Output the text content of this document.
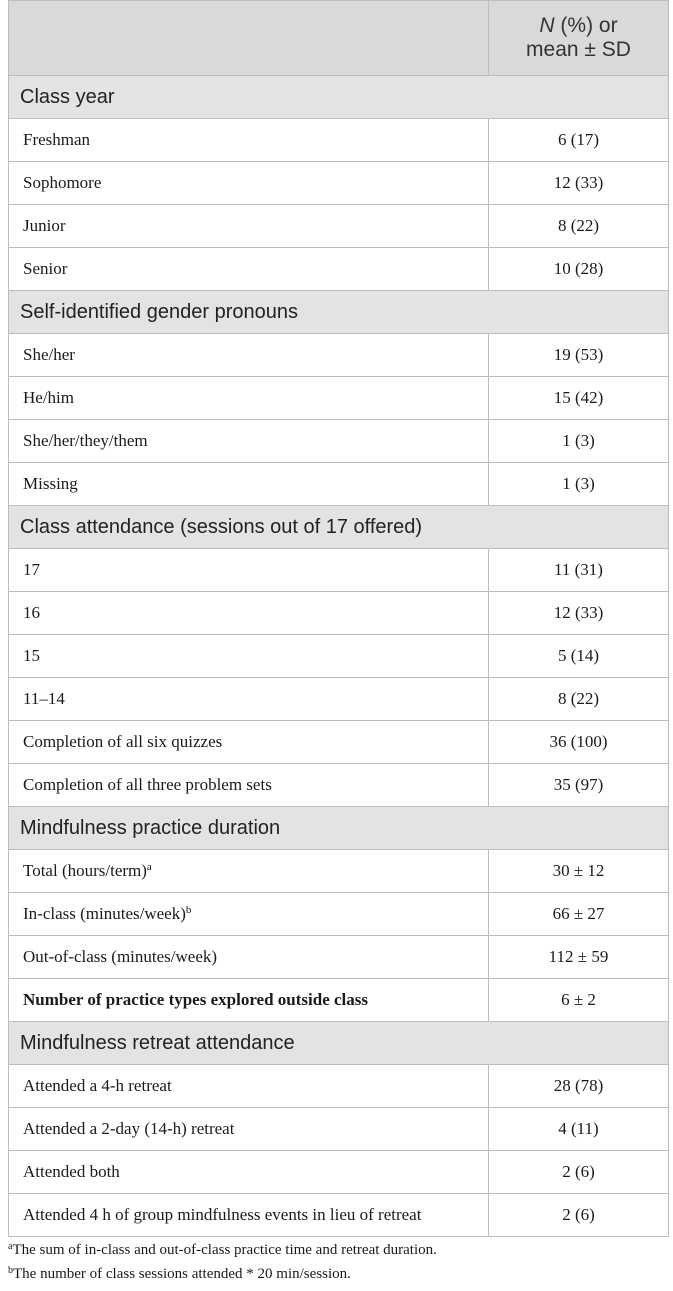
	N (%) or
mean ± SD
Class year	
Freshman	6 (17)
Sophomore	12 (33)
Junior	8 (22)
Senior	10 (28)
Self-identified gender pronouns	
She/her	19 (53)
He/him	15 (42)
She/her/they/them	1 (3)
Missing	1 (3)
Class attendance (sessions out of 17 offered)	
17	11 (31)
16	12 (33)
15	5 (14)
11–14	8 (22)
Completion of all six quizzes	36 (100)
Completion of all three problem sets	35 (97)
Mindfulness practice duration	
Total (hours/term)$^a$	30 ± 12
In-class (minutes/week)$^b$	66 ± 27
Out-of-class (minutes/week)	112 ± 59
Number of practice types explored outside class	6 ± 2
Mindfulness retreat attendance	
Attended a 4-h retreat	28 (78)
Attended a 2-day (14-h) retreat	4 (11)
Attended both	2 (6)
Attended 4 h of group mindfulness events in lieu of retreat	2 (6)
$^a$The sum of in-class and out-of-class practice time and retreat duration.
$^b$The number of class sessions attended * 20 min/session.
